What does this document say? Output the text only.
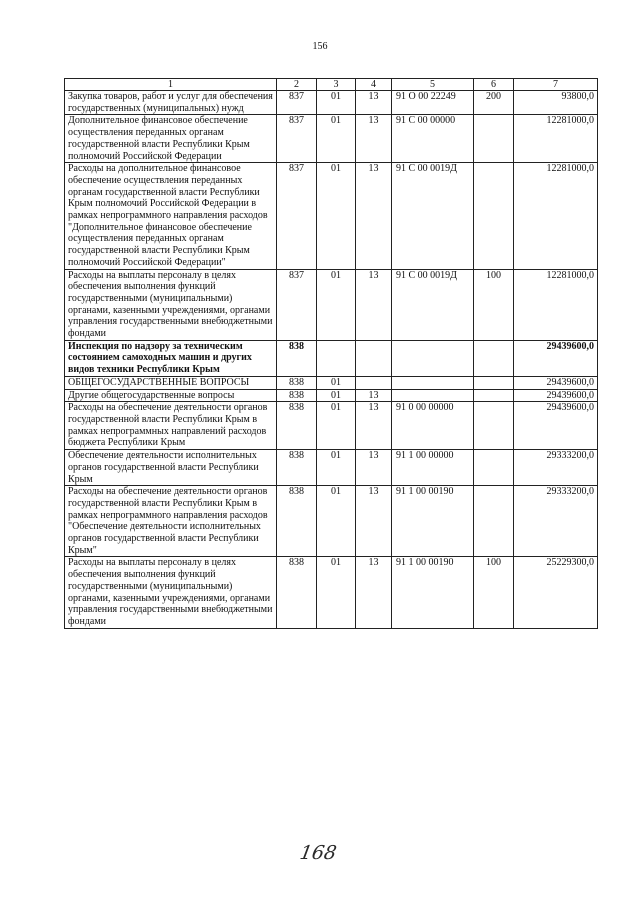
156
1	2	3	4	5	6	7
Закупка товаров, работ и услуг для обеспечения государственных (муниципальных) нужд	837	01	13	91 О 00 22249	200	93800,0
Дополнительное финансовое обеспечение осуществления переданных органам государственной власти Республики Крым полномочий Российской Федерации	837	01	13	91 С 00 00000		12281000,0
Расходы на дополнительное финансовое обеспечение осуществления переданных органам государственной власти Республики Крым полномочий Российской Федерации в рамках непрограммного направления расходов "Дополнительное финансовое обеспечение осуществления переданных органам государственной власти Республики Крым полномочий Российской Федерации"	837	01	13	91 С 00 0019Д		12281000,0
Расходы на выплаты персоналу в целях обеспечения выполнения функций государственными (муниципальными) органами, казенными учреждениями, органами управления государственными внебюджетными фондами	837	01	13	91 С 00 0019Д	100	12281000,0
Инспекция по надзору за техническим состоянием самоходных машин и других видов техники Республики Крым	838					29439600,0
ОБЩЕГОСУДАРСТВЕННЫЕ ВОПРОСЫ	838	01				29439600,0
Другие общегосударственные вопросы	838	01	13			29439600,0
Расходы на обеспечение деятельности органов государственной власти Республики Крым в рамках непрограммных направлений расходов бюджета Республики Крым	838	01	13	91 0 00 00000		29439600,0
Обеспечение деятельности исполнительных органов государственной власти Республики Крым	838	01	13	91 1 00 00000		29333200,0
Расходы на обеспечение деятельности органов государственной власти Республики Крым в рамках непрограммного направления расходов "Обеспечение деятельности исполнительных органов государственной власти Республики Крым"	838	01	13	91 1 00 00190		29333200,0
Расходы на выплаты персоналу в целях обеспечения выполнения функций государственными (муниципальными) органами, казенными учреждениями, органами управления государственными внебюджетными фондами	838	01	13	91 1 00 00190	100	25229300,0
168
